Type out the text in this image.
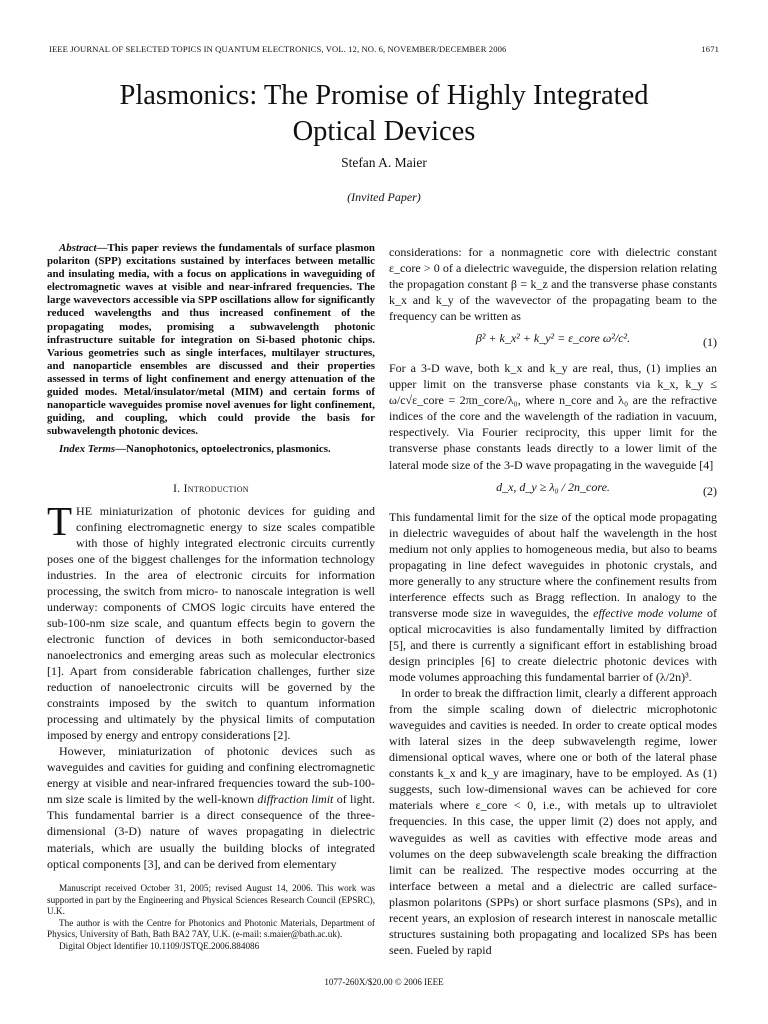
IEEE JOURNAL OF SELECTED TOPICS IN QUANTUM ELECTRONICS, VOL. 12, NO. 6, NOVEMBER/DECEMBER 2006	1671
Plasmonics: The Promise of Highly Integrated
Optical Devices
Stefan A. Maier
(Invited Paper)

Abstract—This paper reviews the fundamentals of surface plasmon polariton (SPP) excitations sustained by interfaces between metallic and insulating media, with a focus on applications in waveguiding of electromagnetic waves at visible and near-infrared frequencies. The large wavevectors accessible via SPP oscillations allow for significantly reduced wavelengths and thus increased confinement of the propagating modes, promising a subwavelength photonic infrastructure suitable for integration on Si-based photonic chips. Various geometries such as single interfaces, multilayer structures, and nanoparticle ensembles are discussed and their properties assessed in terms of light confinement and energy attenuation of the guided modes. Metal/insulator/metal (MIM) and certain forms of nanoparticle waveguides promise novel avenues for light confinement, guiding, and coupling, which could provide the basis for subwavelength photonic devices.

Index Terms—Nanophotonics, optoelectronics, plasmonics.

I. Introduction

THE miniaturization of photonic devices for guiding and confining electromagnetic energy to size scales compatible with those of highly integrated electronic circuits currently poses one of the biggest challenges for the information technology industries. In the area of electronic circuits for information processing, the switch from micro- to nanoscale integration is well underway: components of CMOS logic circuits have entered the sub-100-nm size scale, and quantum effects begin to govern the electronic function of devices in both semiconductor-based nanoelectronics and emerging areas such as molecular electronics [1]. Apart from considerable fabrication challenges, further size reduction of nanoelectronic circuits will be governed by the constraints imposed by the switch to quantum information processing and ultimately by the physical limits of computation imposed by energy and entropy considerations [2].

However, miniaturization of photonic devices such as waveguides and cavities for guiding and confining electromagnetic energy at visible and near-infrared frequencies toward the sub-100-nm size scale is limited by the well-known diffraction limit of light. This fundamental barrier is a direct consequence of the three-dimensional (3-D) nature of waves propagating in dielectric materials, which are usually the building blocks of integrated optical components [3], and can be derived from elementary

Manuscript received October 31, 2005; revised August 14, 2006. This work was supported in part by the Engineering and Physical Sciences Research Council (EPSRC), U.K.

The author is with the Centre for Photonics and Photonic Materials, Department of Physics, University of Bath, Bath BA2 7AY, U.K. (e-mail: s.maier@bath.ac.uk).

Digital Object Identifier 10.1109/JSTQE.2006.884086

considerations: for a nonmagnetic core with dielectric constant ε_core > 0 of a dielectric waveguide, the dispersion relation relating the propagation constant β = k_z and the transverse phase constants k_x and k_y of the wavevector of the propagating beam to the frequency can be written as

β² + k_x² + k_y² = ε_core ω²/c².	(1)

For a 3-D wave, both k_x and k_y are real, thus, (1) implies an upper limit on the transverse phase constants via k_x, k_y ≤ ω/c√ε_core = 2πn_core/λ₀, where n_core and λ₀ are the refractive indices of the core and the wavelength of the radiation in vacuum, respectively. Via Fourier reciprocity, this upper limit for the transverse phase constants leads directly to a lower limit of the lateral mode size of the 3-D wave propagating in the waveguide [4]

d_x, d_y ≥ λ₀ / 2n_core.	(2)

This fundamental limit for the size of the optical mode propagating in dielectric waveguides of about half the wavelength in the host medium not only applies to homogeneous media, but also to beams propagating in line defect waveguides in photonic crystals, and more generally to any structure where the confinement results from interference effects such as Bragg reflection. In analogy to the transverse mode size in waveguides, the effective mode volume of optical microcavities is also fundamentally limited by diffraction [5], and there is currently a significant effort in establishing broad design principles [6] to create dielectric photonic devices with mode volumes approaching this fundamental barrier of (λ/2n)³.

In order to break the diffraction limit, clearly a different approach from the simple scaling down of dielectric microphotonic waveguides and cavities is needed. In order to create optical modes with lateral sizes in the deep subwavelength regime, lower dimensional optical waves, where one or both of the lateral phase constants k_x and k_y are imaginary, have to be employed. As (1) suggests, such low-dimensional waves can be achieved for core materials where ε_core < 0, i.e., with metals up to ultraviolet frequencies. In this case, the upper limit (2) does not apply, and waveguides as well as cavities with effective mode areas and volumes on the deep subwavelength scale breaking the diffraction limit can be realized. The respective modes occurring at the interface between a metal and a dielectric are called surface-plasmon polaritons (SPPs) or short surface plasmons (SPs), and in recent years, an explosion of research interest in nanoscale metallic structures sustaining both propagating and localized SPs has been seen. Fueled by rapid

1077-260X/$20.00 © 2006 IEEE
